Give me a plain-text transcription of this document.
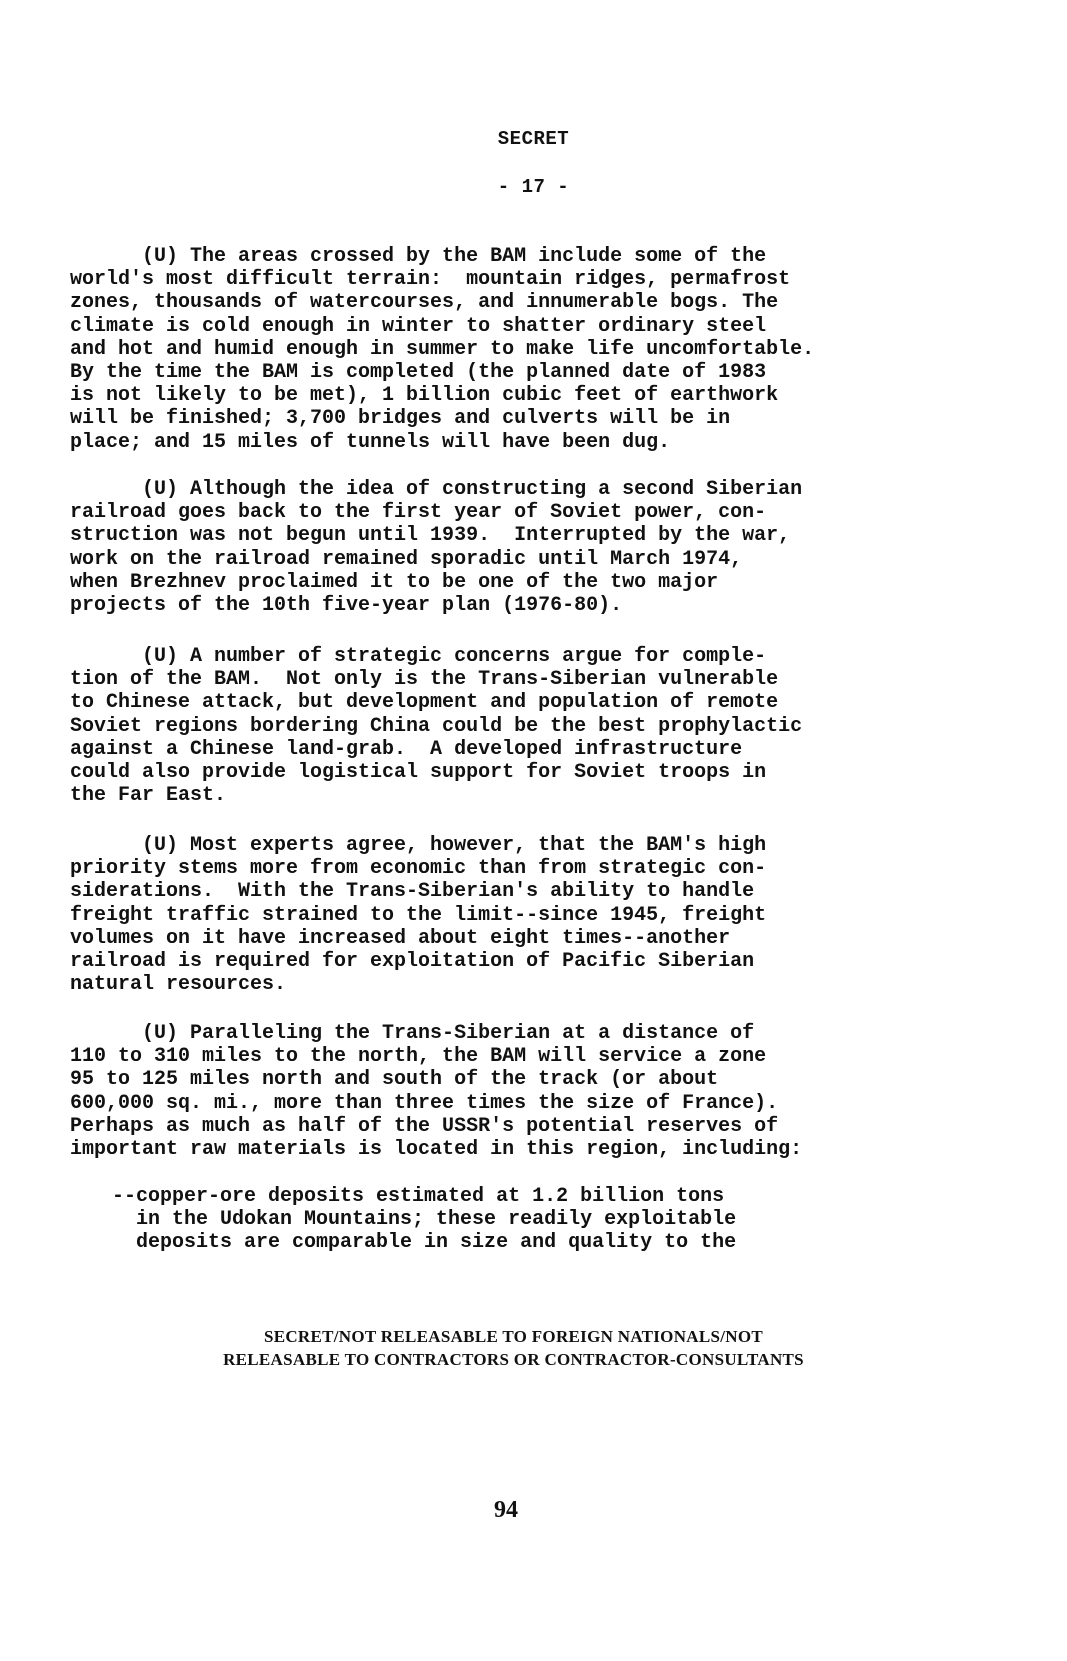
SECRET
- 17 -
(U) The areas crossed by the BAM include some of the
world's most difficult terrain:  mountain ridges, permafrost
zones, thousands of watercourses, and innumerable bogs. The
climate is cold enough in winter to shatter ordinary steel
and hot and humid enough in summer to make life uncomfortable.
By the time the BAM is completed (the planned date of 1983
is not likely to be met), 1 billion cubic feet of earthwork
will be finished; 3,700 bridges and culverts will be in
place; and 15 miles of tunnels will have been dug.
(U) Although the idea of constructing a second Siberian
railroad goes back to the first year of Soviet power, con-
struction was not begun until 1939.  Interrupted by the war,
work on the railroad remained sporadic until March 1974,
when Brezhnev proclaimed it to be one of the two major
projects of the 10th five-year plan (1976-80).
(U) A number of strategic concerns argue for comple-
tion of the BAM.  Not only is the Trans-Siberian vulnerable
to Chinese attack, but development and population of remote
Soviet regions bordering China could be the best prophylactic
against a Chinese land-grab.  A developed infrastructure
could also provide logistical support for Soviet troops in
the Far East.
(U) Most experts agree, however, that the BAM's high
priority stems more from economic than from strategic con-
siderations.  With the Trans-Siberian's ability to handle
freight traffic strained to the limit--since 1945, freight
volumes on it have increased about eight times--another
railroad is required for exploitation of Pacific Siberian
natural resources.
(U) Paralleling the Trans-Siberian at a distance of
110 to 310 miles to the north, the BAM will service a zone
95 to 125 miles north and south of the track (or about
600,000 sq. mi., more than three times the size of France).
Perhaps as much as half of the USSR's potential reserves of
important raw materials is located in this region, including:
--copper-ore deposits estimated at 1.2 billion tons
in the Udokan Mountains; these readily exploitable
deposits are comparable in size and quality to the
SECRET/NOT RELEASABLE TO FOREIGN NATIONALS/NOT
RELEASABLE TO CONTRACTORS OR CONTRACTOR-CONSULTANTS
94
